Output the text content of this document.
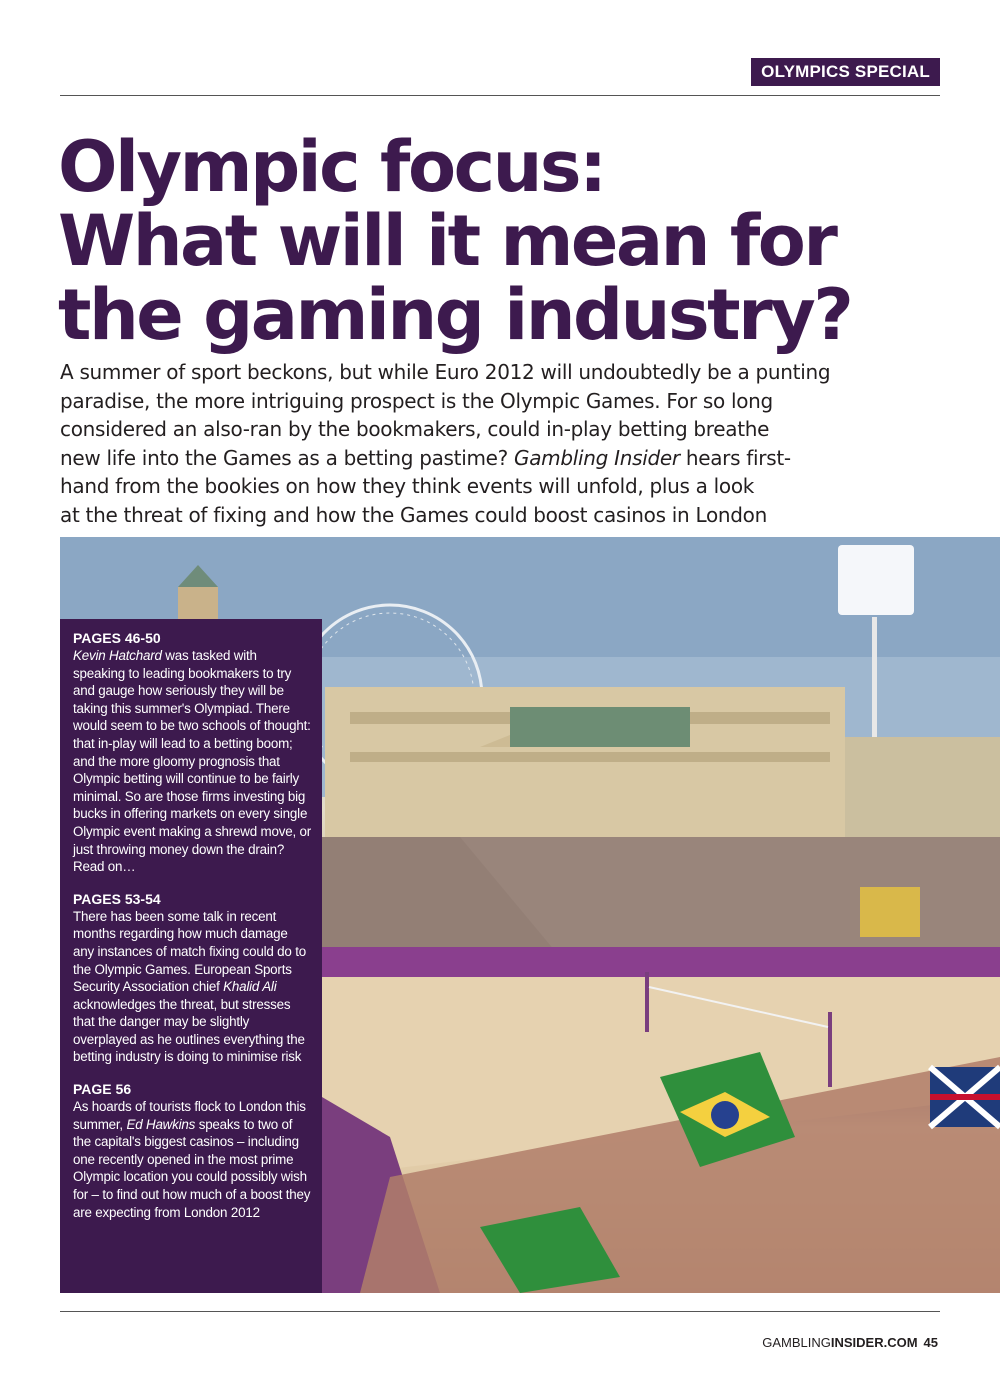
OLYMPICS SPECIAL
Olympic focus:
What will it mean for
the gaming industry?
A summer of sport beckons, but while Euro 2012 will undoubtedly be a punting
paradise, the more intriguing prospect is the Olympic Games. For so long
considered an also-ran by the bookmakers, could in-play betting breathe
new life into the Games as a betting pastime? Gambling Insider hears first-
hand from the bookies on how they think events will unfold, plus a look
at the threat of fixing and how the Games could boost casinos in London
PAGES 46-50
Kevin Hatchard was tasked with speaking to leading bookmakers to try and gauge how seriously they will be taking this summer's Olympiad. There would seem to be two schools of thought: that in-play will lead to a betting boom; and the more gloomy prognosis that Olympic betting will continue to be fairly minimal. So are those firms investing big bucks in offering markets on every single Olympic event making a shrewd move, or just throwing money down the drain? Read on…
PAGES 53-54
There has been some talk in recent months regarding how much damage any instances of match fixing could do to the Olympic Games. European Sports Security Association chief Khalid Ali acknowledges the threat, but stresses that the danger may be slightly overplayed as he outlines everything the betting industry is doing to minimise risk
PAGE 56
As hoards of tourists flock to London this summer, Ed Hawkins speaks to two of the capital's biggest casinos – including one recently opened in the most prime Olympic location you could possibly wish for – to find out how much of a boost they are expecting from London 2012
GAMBLINGINSIDER.COM 45
